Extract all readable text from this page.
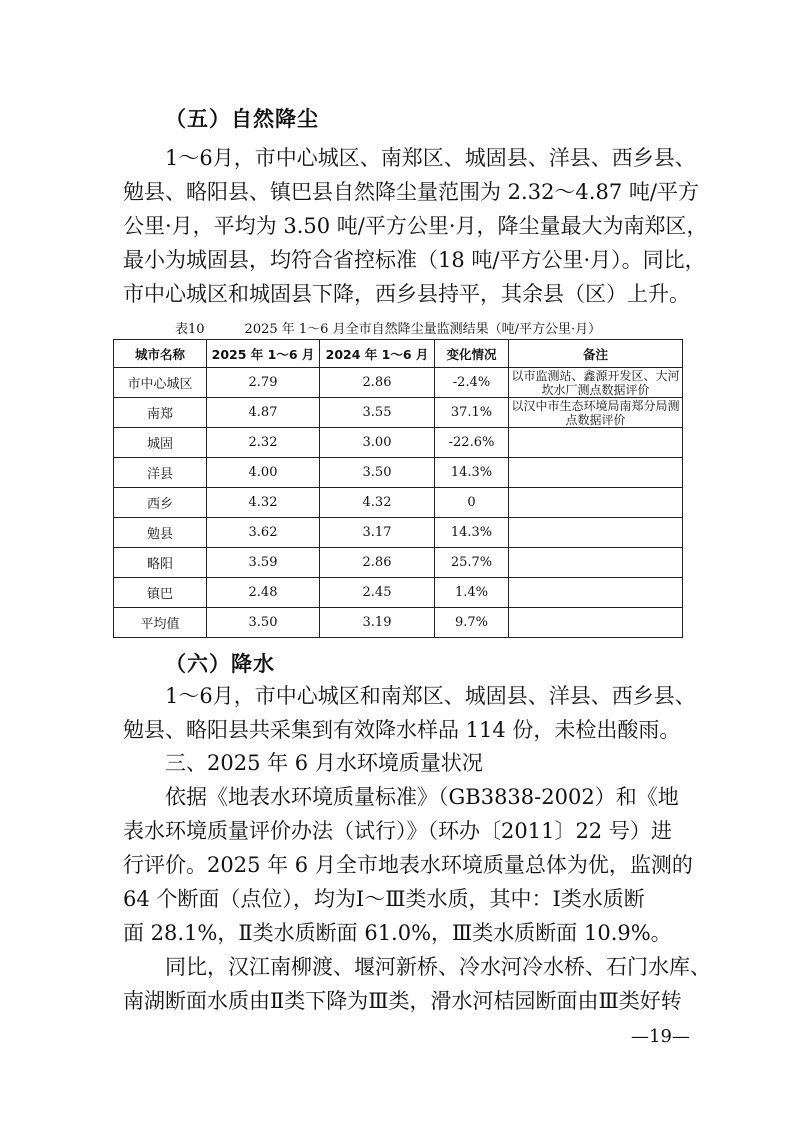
（五）自然降尘
1～6月，市中心城区、南郑区、城固县、洋县、西乡县、
勉县、略阳县、镇巴县自然降尘量范围为 2.32～4.87 吨/平方
公里·月，平均为 3.50 吨/平方公里·月，降尘量最大为南郑区，
最小为城固县，均符合省控标准（18 吨/平方公里·月）。同比，
市中心城区和城固县下降，西乡县持平，其余县（区）上升。
表10	2025 年 1～6 月全市自然降尘量监测结果（吨/平方公里·月）
城市名称	2025 年 1～6 月	2024 年 1～6 月	变化情况	备注
市中心城区	2.79	2.86	-2.4%	以市监测站、鑫源开发区、大河坎水厂测点数据评价
南郑	4.87	3.55	37.1%	以汉中市生态环境局南郑分局测点数据评价
城固	2.32	3.00	-22.6%	
洋县	4.00	3.50	14.3%	
西乡	4.32	4.32	0	
勉县	3.62	3.17	14.3%	
略阳	3.59	2.86	25.7%	
镇巴	2.48	2.45	1.4%	
平均值	3.50	3.19	9.7%	
（六）降水
1～6月，市中心城区和南郑区、城固县、洋县、西乡县、
勉县、略阳县共采集到有效降水样品 114 份，未检出酸雨。
三、2025 年 6 月水环境质量状况
依据《地表水环境质量标准》（GB3838-2002）和《地
表水环境质量评价办法（试行）》（环办〔2011〕22 号）进
行评价。2025 年 6 月全市地表水环境质量总体为优，监测的
64 个断面（点位），均为Ⅰ～Ⅲ类水质，其中：Ⅰ类水质断
面 28.1%，Ⅱ类水质断面 61.0%，Ⅲ类水质断面 10.9%。
同比，汉江南柳渡、堰河新桥、冷水河冷水桥、石门水库、
南湖断面水质由Ⅱ类下降为Ⅲ类，滑水河桔园断面由Ⅲ类好转
—19—
